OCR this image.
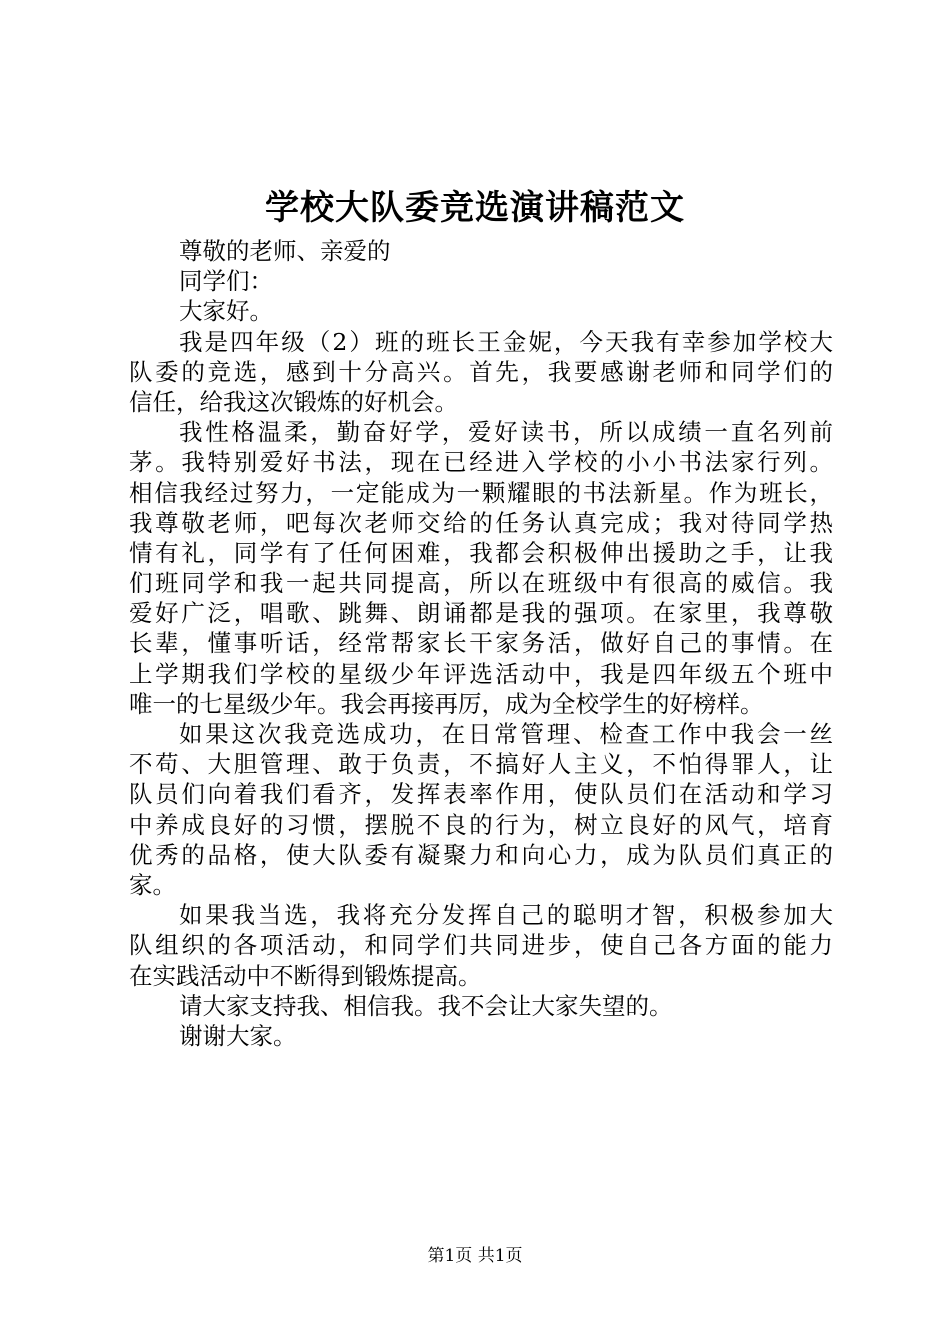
学校大队委竞选演讲稿范文
尊敬的老师、亲爱的
同学们：
大家好。
我是四年级（2）班的班长王金妮，今天我有幸参加学校大
队委的竞选，感到十分高兴。首先，我要感谢老师和同学们的
信任，给我这次锻炼的好机会。
我性格温柔，勤奋好学，爱好读书，所以成绩一直名列前
茅。我特别爱好书法，现在已经进入学校的小小书法家行列。
相信我经过努力，一定能成为一颗耀眼的书法新星。作为班长，
我尊敬老师，吧每次老师交给的任务认真完成；我对待同学热
情有礼，同学有了任何困难，我都会积极伸出援助之手，让我
们班同学和我一起共同提高，所以在班级中有很高的威信。我
爱好广泛，唱歌、跳舞、朗诵都是我的强项。在家里，我尊敬
长辈，懂事听话，经常帮家长干家务活，做好自己的事情。在
上学期我们学校的星级少年评选活动中，我是四年级五个班中
唯一的七星级少年。我会再接再厉，成为全校学生的好榜样。
如果这次我竞选成功，在日常管理、检查工作中我会一丝
不苟、大胆管理、敢于负责，不搞好人主义，不怕得罪人，让
队员们向着我们看齐，发挥表率作用，使队员们在活动和学习
中养成良好的习惯，摆脱不良的行为，树立良好的风气，培育
优秀的品格，使大队委有凝聚力和向心力，成为队员们真正的
家。
如果我当选，我将充分发挥自己的聪明才智，积极参加大
队组织的各项活动，和同学们共同进步，使自己各方面的能力
在实践活动中不断得到锻炼提高。
请大家支持我、相信我。我不会让大家失望的。
谢谢大家。
第1页 共1页
